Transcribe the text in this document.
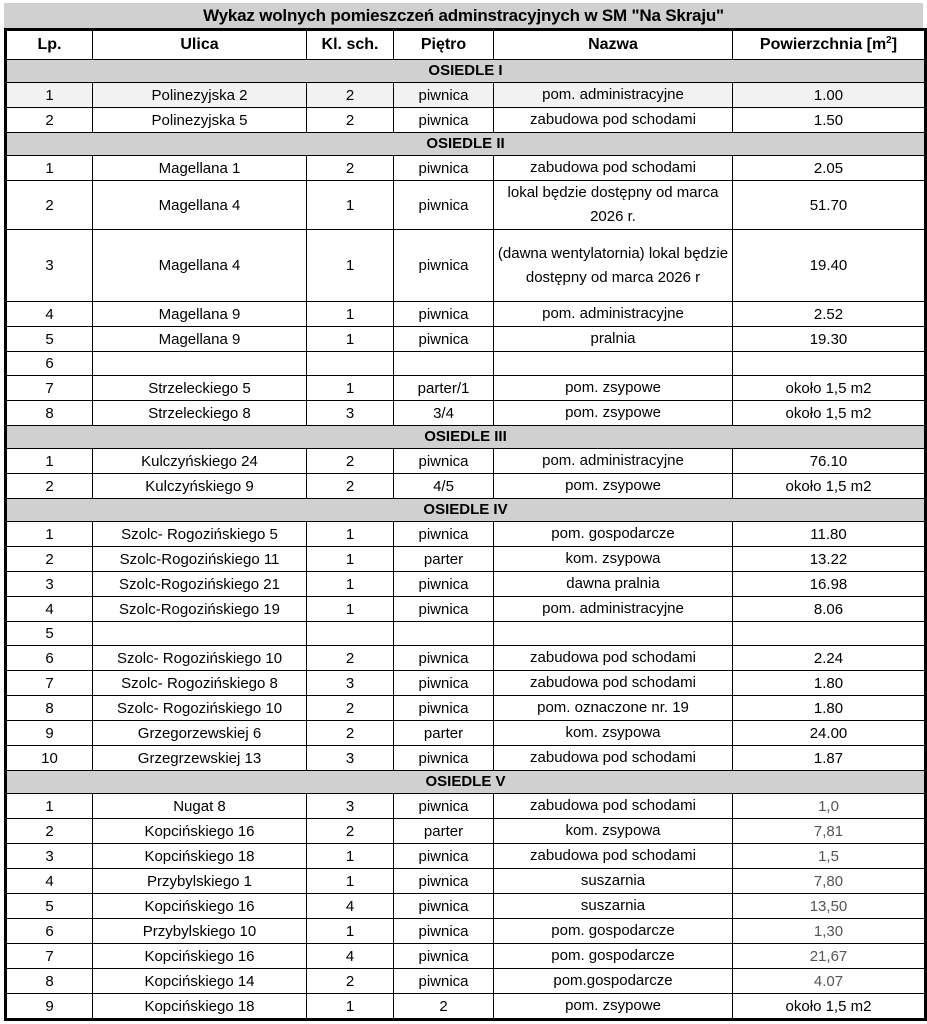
Wykaz wolnych pomieszczeń adminstracyjnych w SM "Na Skraju"
Lp.	Ulica	Kl. sch.	Piętro	Nazwa	Powierzchnia $[m^2]$
OSIEDLE I					
1	Polinezyjska 2	2	piwnica	pom. administracyjne	1.00
2	Polinezyjska 5	2	piwnica	zabudowa pod schodami	1.50
OSIEDLE II					
1	Magellana 1	2	piwnica	zabudowa pod schodami	2.05
2	Magellana 4	1	piwnica	lokal będzie dostępny od marca 2026 r.	51.70
3	Magellana 4	1	piwnica	(dawna wentylatornia) lokal będzie dostępny od marca 2026 r	19.40
4	Magellana 9	1	piwnica	pom. administracyjne	2.52
5	Magellana 9	1	piwnica	pralnia	19.30
6					
7	Strzeleckiego 5	1	parter/1	pom. zsypowe	około 1,5 m2
8	Strzeleckiego 8	3	3/4	pom. zsypowe	około 1,5 m2
OSIEDLE III					
1	Kulczyńskiego 24	2	piwnica	pom. administracyjne	76.10
2	Kulczyńskiego 9	2	4/5	pom. zsypowe	około 1,5 m2
OSIEDLE IV					
1	Szolc- Rogozińskiego 5	1	piwnica	pom. gospodarcze	11.80
2	Szolc-Rogozińskiego 11	1	parter	kom. zsypowa	13.22
3	Szolc-Rogozińskiego 21	1	piwnica	dawna pralnia	16.98
4	Szolc-Rogozińskiego 19	1	piwnica	pom. administracyjne	8.06
5					
6	Szolc- Rogozińskiego 10	2	piwnica	zabudowa pod schodami	2.24
7	Szolc- Rogozińskiego 8	3	piwnica	zabudowa pod schodami	1.80
8	Szolc- Rogozińskiego 10	2	piwnica	pom. oznaczone nr. 19	1.80
9	Grzegorzewskiej 6	2	parter	kom. zsypowa	24.00
10	Grzegrzewskiej 13	3	piwnica	zabudowa pod schodami	1.87
OSIEDLE V					
1	Nugat 8	3	piwnica	zabudowa pod schodami	1,0
2	Kopcińskiego 16	2	parter	kom. zsypowa	7,81
3	Kopcińskiego 18	1	piwnica	zabudowa pod schodami	1,5
4	Przybylskiego 1	1	piwnica	suszarnia	7,80
5	Kopcińskiego 16	4	piwnica	suszarnia	13,50
6	Przybylskiego 10	1	piwnica	pom. gospodarcze	1,30
7	Kopcińskiego 16	4	piwnica	pom. gospodarcze	21,67
8	Kopcińskiego 14	2	piwnica	pom.gospodarcze	4.07
9	Kopcińskiego 18	1	2	pom. zsypowe	około 1,5 m2
